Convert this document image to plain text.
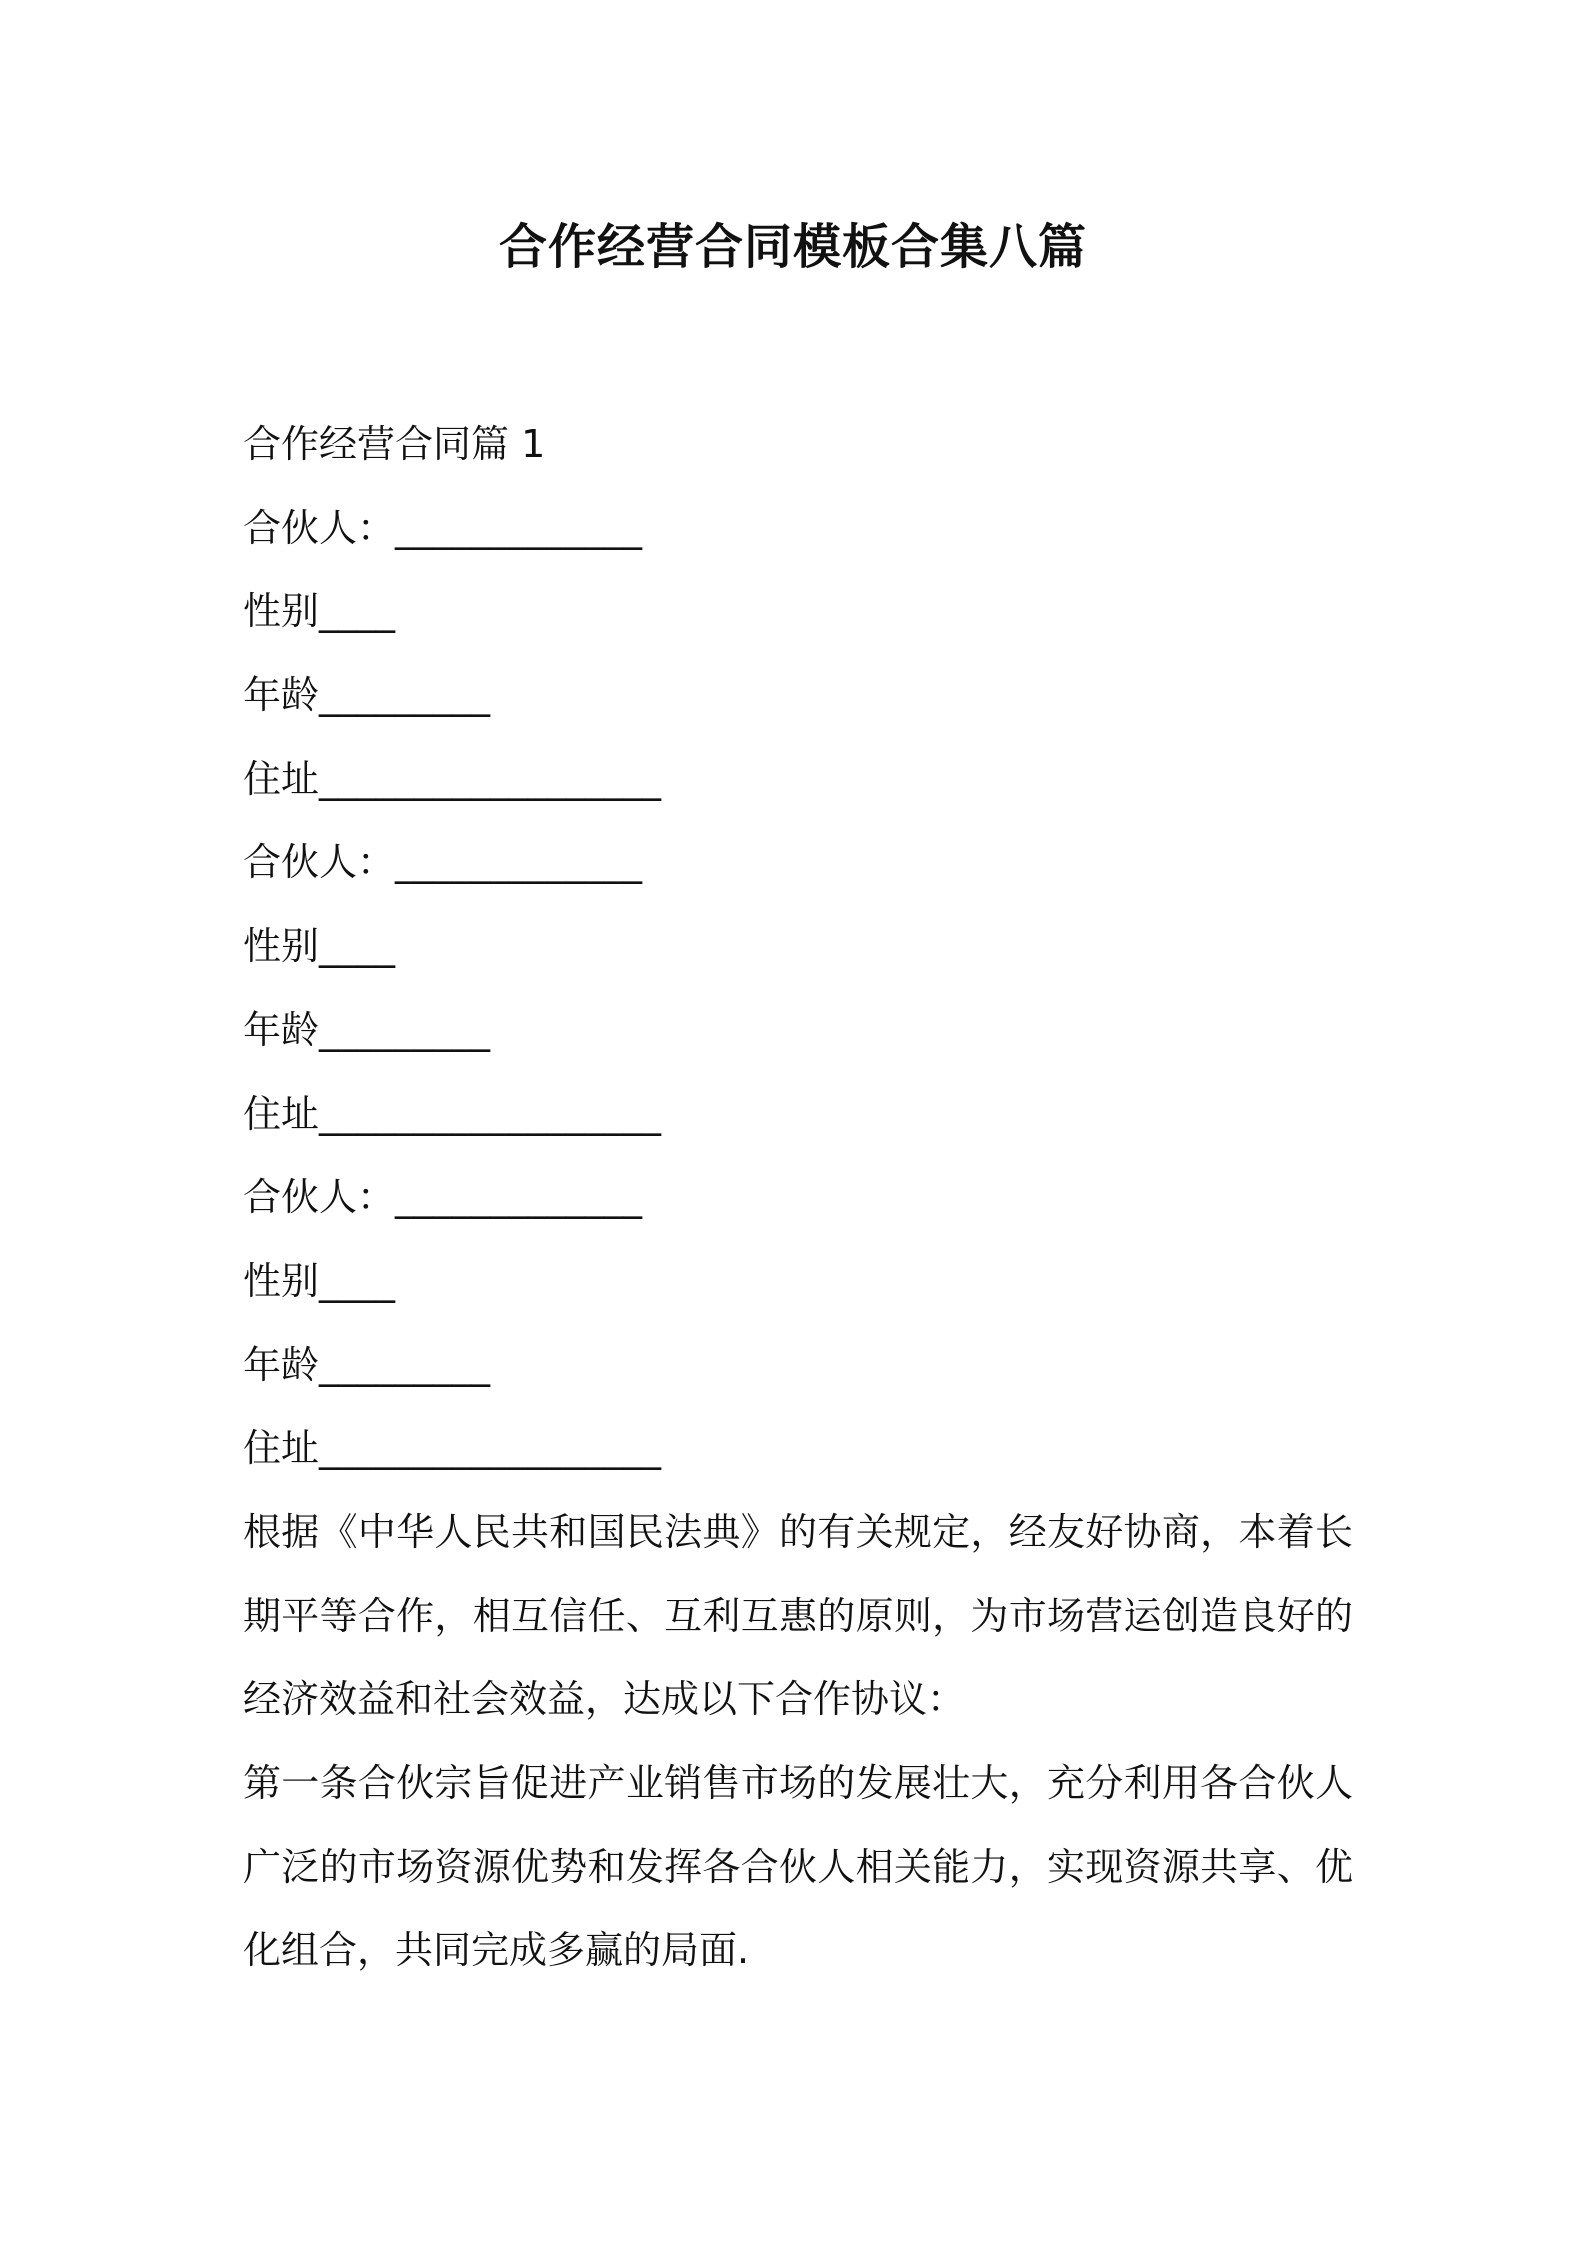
合作经营合同模板合集八篇
合作经营合同篇 1
合伙人：_____________
性别____
年龄_________
住址__________________
合伙人：_____________
性别____
年龄_________
住址__________________
合伙人：_____________
性别____
年龄_________
住址__________________
根据《中华人民共和国民法典》的有关规定，经友好协商，本着长期平等合作，相互信任、互利互惠的原则，为市场营运创造良好的经济效益和社会效益，达成以下合作协议：
第一条合伙宗旨促进产业销售市场的发展壮大，充分利用各合伙人广泛的市场资源优势和发挥各合伙人相关能力，实现资源共享、优化组合，共同完成多赢的局面.
